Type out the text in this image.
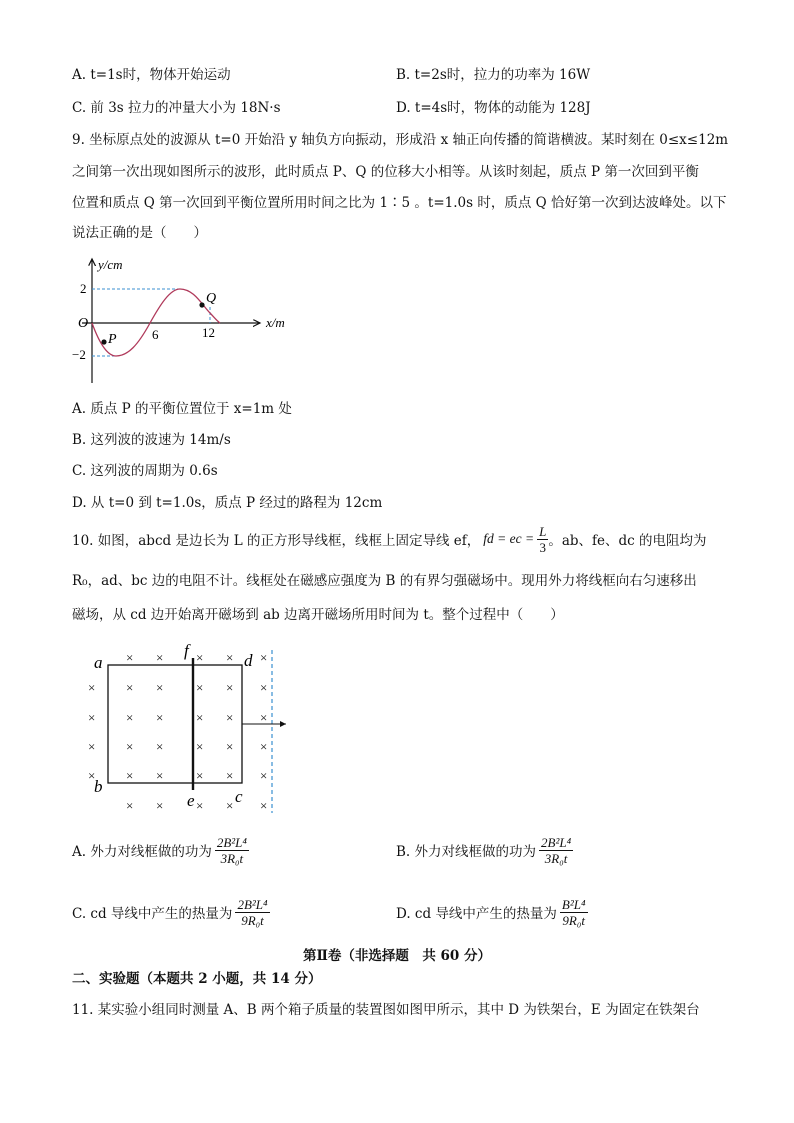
A. t=1s时，物体开始运动	B. t=2s时，拉力的功率为 16W
C. 前 3s 拉力的冲量大小为 18N·s	D. t=4s时，物体的动能为 128J
9. 坐标原点处的波源从 t=0 开始沿 y 轴负方向振动，形成沿 x 轴正向传播的简谐横波。某时刻在 0≤x≤12m
之间第一次出现如图所示的波形，此时质点 P、Q 的位移大小相等。从该时刻起，质点 P 第一次回到平衡
位置和质点 Q 第一次回到平衡位置所用时间之比为 1∶5 。t=1.0s 时，质点 Q 恰好第一次到达波峰处。以下
说法正确的是（　　）
y/cm
x/m
O
2
−2
6	12
P
Q
A. 质点 P 的平衡位置位于 x=1m 处
B. 这列波的波速为 14m/s
C. 这列波的周期为 0.6s
D. 从 t=0 到 t=1.0s，质点 P 经过的路程为 12cm
10. 如图，abcd 是边长为 L 的正方形导线框，线框上固定导线 ef， fd = ec = $\frac{L}{3}$ 。ab、fe、dc 的电阻均为
R₀，ad、bc 边的电阻不计。线框处在磁感应强度为 B 的有界匀强磁场中。现用外力将线框向右匀速移出
磁场，从 cd 边开始离开磁场到 ab 边离开磁场所用时间为 t。整个过程中（　　）
× ×	× × ×
× × ×	× × ×
× × ×	× × ×
× × ×	× × ×
× × ×	× × ×
× ×	× × ×
a
f
d
b
e c
A. 外力对线框做的功为 $\frac{\text{2B²L⁴}}{\text{3R₀t}}$	B. 外力对线框做的功为 $\frac{\text{2B²L⁴}}{\text{3R₀t}}$
C. cd 导线中产生的热量为 $\frac{\text{2B²L⁴}}{\text{9R₀t}}$	D. cd 导线中产生的热量为 $\frac{\text{B²L⁴}}{\text{9R₀t}}$
第Ⅱ卷（非选择题　共 60 分）
二、实验题（本题共 2 小题，共 14 分）
11. 某实验小组同时测量 A、B 两个箱子质量的装置图如图甲所示，其中 D 为铁架台，E 为固定在铁架台
